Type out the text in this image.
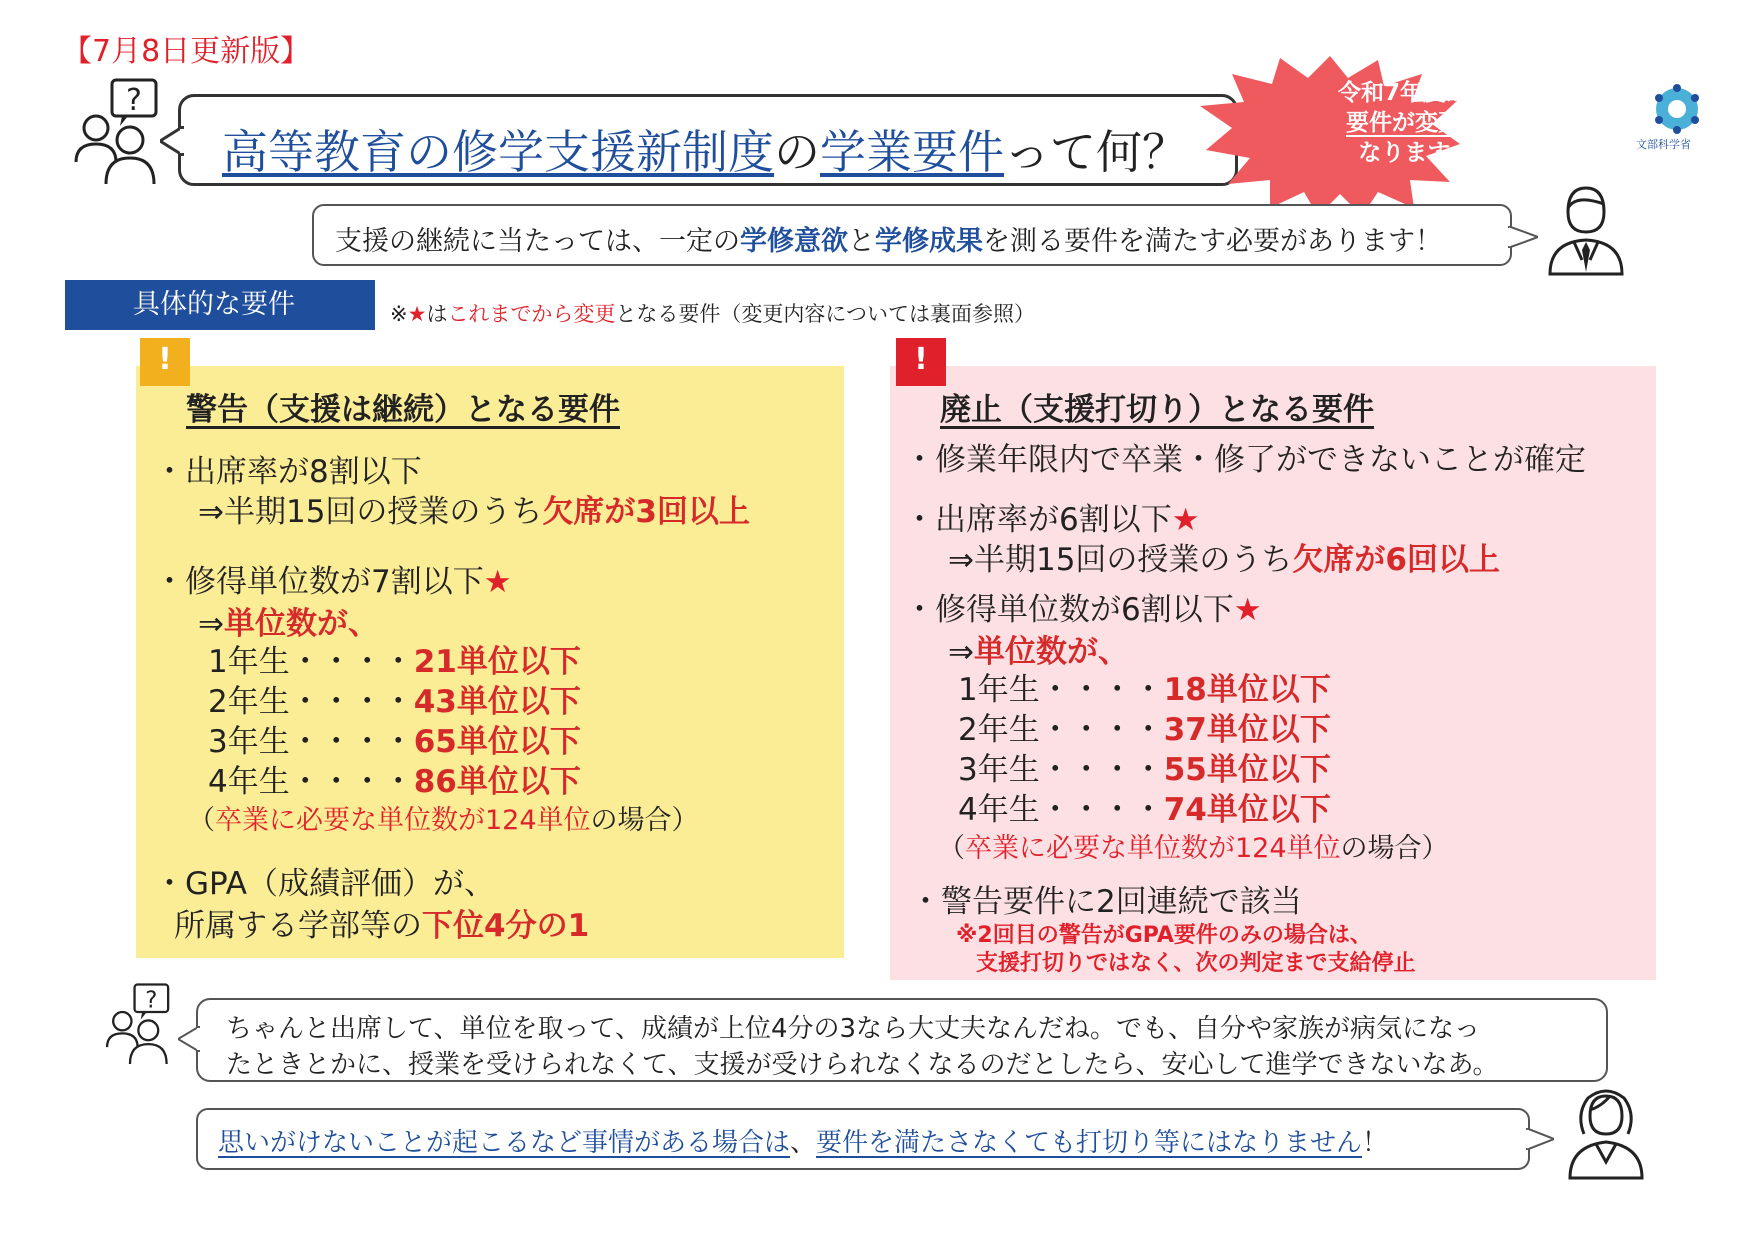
【7月8日更新版】
?
高等教育の修学支援新制度の学業要件って何？
令和7年度から
要件が変更に
なります。	文部科学省
支援の継続に当たっては、一定の学修意欲と学修成果を測る要件を満たす必要があります！
具体的な要件	※★はこれまでから変更となる要件（変更内容については裏面参照）
!
警告（支援は継続）となる要件
・出席率が8割以下
⇒半期15回の授業のうち欠席が3回以上
・修得単位数が7割以下★
⇒単位数が、
1年生・・・・21単位以下
2年生・・・・43単位以下
3年生・・・・65単位以下
4年生・・・・86単位以下
（卒業に必要な単位数が124単位の場合）
・GPA（成績評価）が、
所属する学部等の下位4分の1
!
廃止（支援打切り）となる要件
・修業年限内で卒業・修了ができないことが確定
・出席率が6割以下★
⇒半期15回の授業のうち欠席が6回以上
・修得単位数が6割以下★
⇒単位数が、
1年生・・・・18単位以下
2年生・・・・37単位以下
3年生・・・・55単位以下
4年生・・・・74単位以下
（卒業に必要な単位数が124単位の場合）
・警告要件に2回連続で該当
※2回目の警告がGPA要件のみの場合は、
支援打切りではなく、次の判定まで支給停止
?
ちゃんと出席して、単位を取って、成績が上位4分の3なら大丈夫なんだね。でも、自分や家族が病気になっ
たときとかに、授業を受けられなくて、支援が受けられなくなるのだとしたら、安心して進学できないなあ。
思いがけないことが起こるなど事情がある場合は、要件を満たさなくても打切り等にはなりません！
